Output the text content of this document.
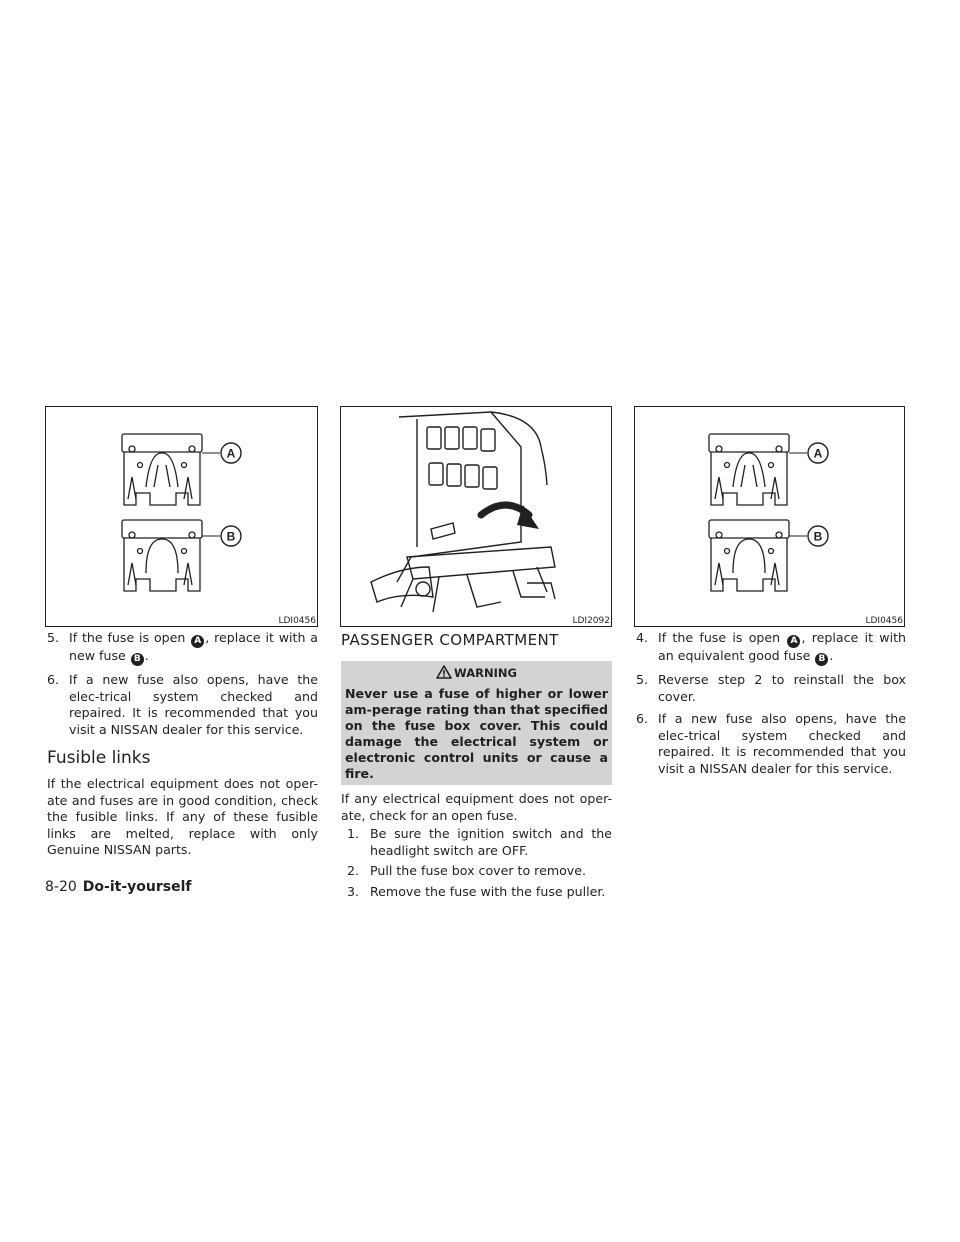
A
B
LDI0456	LDI2092
A
B
LDI0456
5. If the fuse is open A , replace it with a new fuse B .
6. If a new fuse also opens, have the elec-trical system checked and repaired. It is recommended that you visit a NISSAN dealer for this service.
Fusible links

If the electrical equipment does not oper-ate and fuses are in good condition, check the fusible links. If any of these fusible links are melted, replace with only Genuine NISSAN parts.

PASSENGER COMPARTMENT
WARNING
Never use a fuse of higher or lower am-perage rating than that specified on the fuse box cover. This could damage the electrical system or electronic control units or cause a fire.

If any electrical equipment does not oper-ate, check for an open fuse.

1. Be sure the ignition switch and the headlight switch are OFF.
2. Pull the fuse box cover to remove.
3. Remove the fuse with the fuse puller.
4. If the fuse is open A , replace it with an equivalent good fuse B .
5. Reverse step 2 to reinstall the box cover.
6. If a new fuse also opens, have the elec-trical system checked and repaired. It is recommended that you visit a NISSAN dealer for this service.
8-20 Do-it-yourself
